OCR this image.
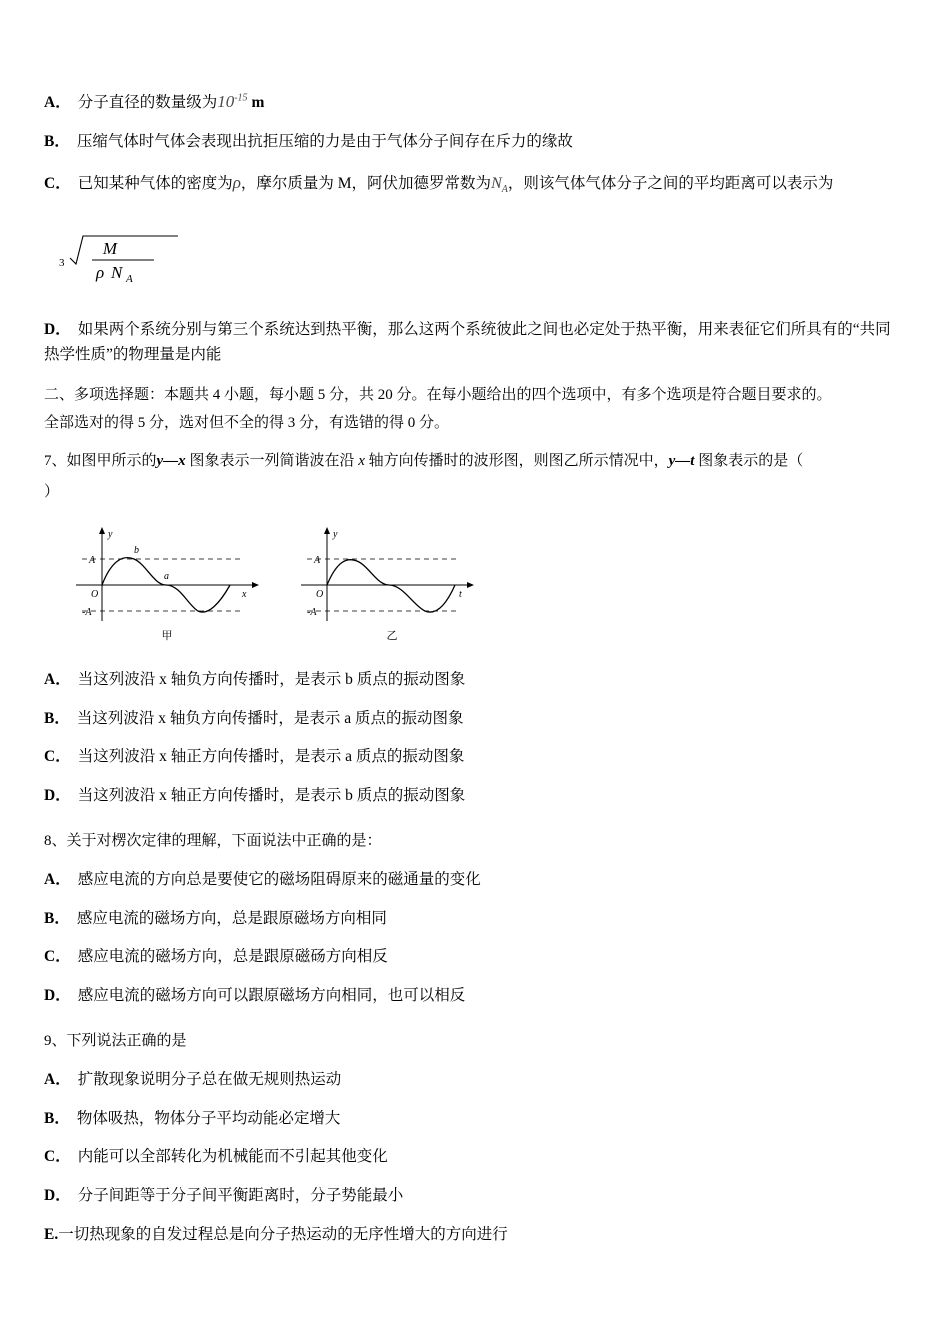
A． 分子直径的数量级为$10^{-15}$ m
B． 压缩气体时气体会表现出抗拒压缩的力是由于气体分子间存在斥力的缘故
C． 已知某种气体的密度为ρ，摩尔质量为 M，阿伏加德罗常数为$N_A$，则该气体气体分子之间的平均距离可以表示为
3
M
ρ N A
D． 如果两个系统分别与第三个系统达到热平衡，那么这两个系统彼此之间也必定处于热平衡，用来表征它们所具有的“共同热学性质”的物理量是内能
二、多项选择题：本题共 4 小题，每小题 5 分，共 20 分。在每小题给出的四个选项中，有多个选项是符合题目要求的。
全部选对的得 5 分，选对但不全的得 3 分，有选错的得 0 分。
7、如图甲所示的y—x 图象表示一列简谐波在沿 x 轴方向传播时的波形图，则图乙所示情况中，y—t 图象表示的是（
）
y
A
-A
O	x
a
b
甲
y
A
-A
O	t
乙
A． 当这列波沿 x 轴负方向传播时，是表示 b 质点的振动图象
B． 当这列波沿 x 轴负方向传播时，是表示 a 质点的振动图象
C． 当这列波沿 x 轴正方向传播时，是表示 a 质点的振动图象
D． 当这列波沿 x 轴正方向传播时，是表示 b 质点的振动图象
8、关于对楞次定律的理解，下面说法中正确的是：
A． 感应电流的方向总是要使它的磁场阻碍原来的磁通量的变化
B． 感应电流的磁场方向，总是跟原磁场方向相同
C． 感应电流的磁场方向，总是跟原磁砀方向相反
D． 感应电流的磁场方向可以跟原磁场方向相同，也可以相反
9、下列说法正确的是
A． 扩散现象说明分子总在做无规则热运动
B． 物体吸热，物体分子平均动能必定增大
C． 内能可以全部转化为机械能而不引起其他变化
D． 分子间距等于分子间平衡距离时，分子势能最小
E.一切热现象的自发过程总是向分子热运动的无序性增大的方向进行
